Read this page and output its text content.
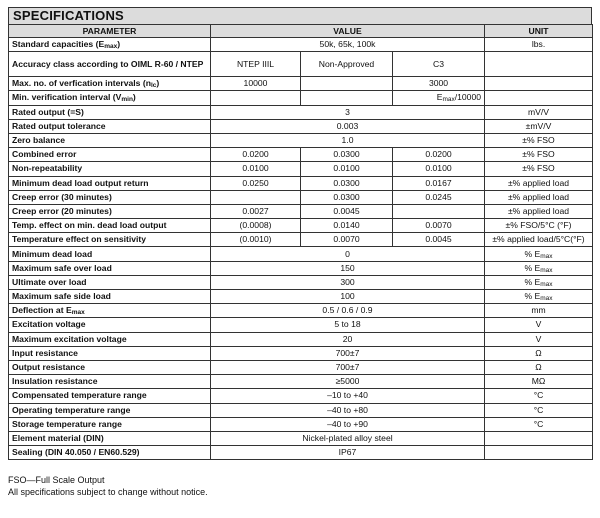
SPECIFICATIONS
PARAMETER	VALUE			UNIT
Standard capacities $(E_{max})$	50k, 65k, 100k			lbs.
Accuracy class according to OIML R-60 / NTEP	NTEP IIIL	Non-Approved	C3	
Max. no. of verfication intervals $(n_{lc})$	10000		3000	
Min. verification interval $(V_{min})$			$E_{max}/10000$	
Rated output (=S)	3			mV/V
Rated output tolerance	0.003			±mV/V
Zero balance	1.0			±% FSO
Combined error	0.0200	0.0300	0.0200	±% FSO
Non-repeatability	0.0100	0.0100	0.0100	±% FSO
Minimum dead load output return	0.0250	0.0300	0.0167	±% applied load
Creep error (30 minutes)		0.0300	0.0245	±% applied load
Creep error (20 minutes)	0.0027	0.0045		±% applied load
Temp. effect on min. dead load output	(0.0008)	0.0140	0.0070	±% FSO/5°C (°F)
Temperature effect on sensitivity	(0.0010)	0.0070	0.0045	±% applied load/5°C(°F)
Minimum dead load	0			% $E_{max}$
Maximum safe over load	150			% $E_{max}$
Ultimate over load	300			% $E_{max}$
Maximum safe side load	100			% $E_{max}$
Deflection at $E_{max}$	0.5 / 0.6 / 0.9			mm
Excitation voltage	5 to 18			V
Maximum excitation voltage	20			V
Input resistance	700±7			Ω
Output resistance	700±7			Ω
Insulation resistance	≥5000			MΩ
Compensated temperature range	–10 to +40			°C
Operating temperature range	–40 to +80			°C
Storage temperature range	–40 to +90			°C
Element material (DIN)	Nickel-plated alloy steel			
Sealing (DIN 40.050 / EN60.529)	IP67			
FSO—Full Scale Output
All specifications subject to change without notice.
